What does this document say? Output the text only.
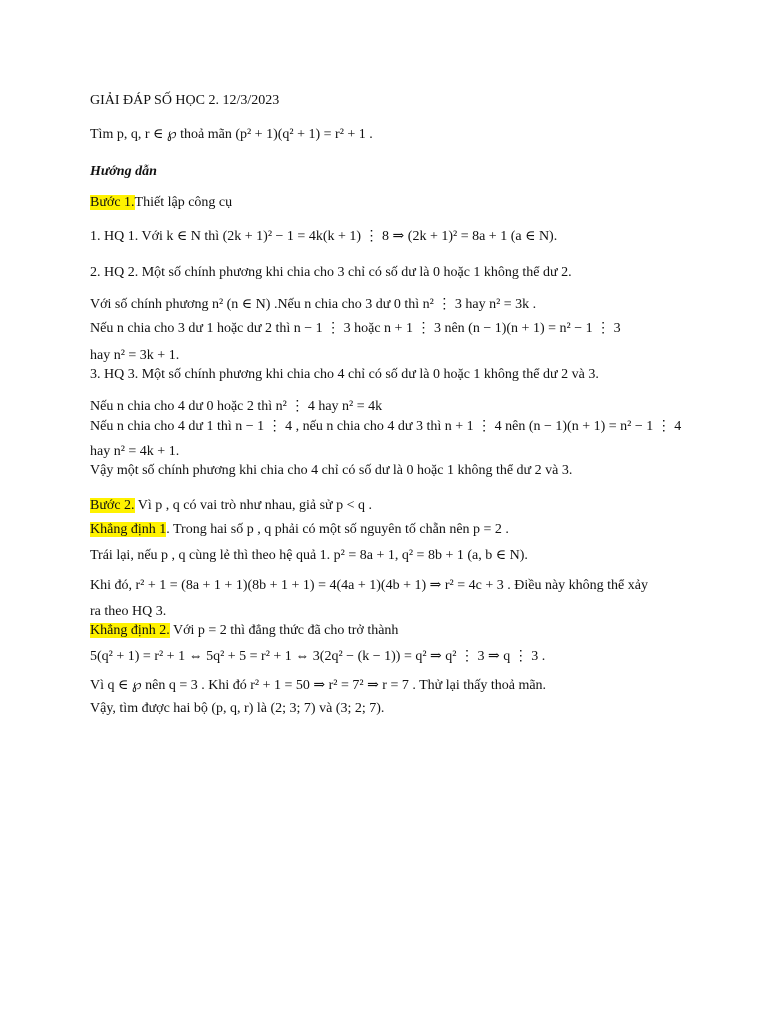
GIẢI ĐÁP SỐ HỌC 2. 12/3/2023
Tìm p, q, r ∈ ℘ thoả mãn (p² + 1)(q² + 1) = r² + 1 .
Hướng dẫn
Bước 1.Thiết lập công cụ
1. HQ 1. Với k ∈ N thì (2k + 1)² − 1 = 4k(k + 1) ⋮ 8 ⇒ (2k + 1)² = 8a + 1 (a ∈ N).
2. HQ 2. Một số chính phương khi chia cho 3 chỉ có số dư là 0 hoặc 1 không thể dư 2.
Với số chính phương n² (n ∈ N) .Nếu n chia cho 3 dư 0 thì n² ⋮ 3 hay n² = 3k .
Nếu n chia cho 3 dư 1 hoặc dư 2 thì n − 1 ⋮ 3 hoặc n + 1 ⋮ 3 nên (n − 1)(n + 1) = n² − 1 ⋮ 3
hay n² = 3k + 1.
3. HQ 3. Một số chính phương khi chia cho 4 chỉ có số dư là 0 hoặc 1 không thể dư 2 và 3.
Nếu n chia cho 4 dư 0 hoặc 2 thì n² ⋮ 4 hay n² = 4k
Nếu n chia cho 4 dư 1 thì n − 1 ⋮ 4 , nếu n chia cho 4 dư 3 thì n + 1 ⋮ 4 nên (n − 1)(n + 1) = n² − 1 ⋮ 4
hay n² = 4k + 1.
Vậy một số chính phương khi chia cho 4 chỉ có số dư là 0 hoặc 1 không thể dư 2 và 3.
Bước 2. Vì p , q có vai trò như nhau, giả sử p < q .
Khẳng định 1. Trong hai số p , q phải có một số nguyên tố chẵn nên p = 2 .
Trái lại, nếu p , q cùng lẻ thì theo hệ quả 1. p² = 8a + 1, q² = 8b + 1 (a, b ∈ N).
Khi đó, r² + 1 = (8a + 1 + 1)(8b + 1 + 1) = 4(4a + 1)(4b + 1) ⇒ r² = 4c + 3 . Điều này không thể xảy
ra theo HQ 3.
Khẳng định 2. Với p = 2 thì đẳng thức đã cho trở thành
5(q² + 1) = r² + 1 ⇔ 5q² + 5 = r² + 1 ⇔ 3(2q² − (k − 1)) = q² ⇒ q² ⋮ 3 ⇒ q ⋮ 3 .
Vì q ∈ ℘ nên q = 3 . Khi đó r² + 1 = 50 ⇒ r² = 7² ⇒ r = 7 . Thử lại thấy thoả mãn.
Vậy, tìm được hai bộ (p, q, r) là (2; 3; 7) và (3; 2; 7).
